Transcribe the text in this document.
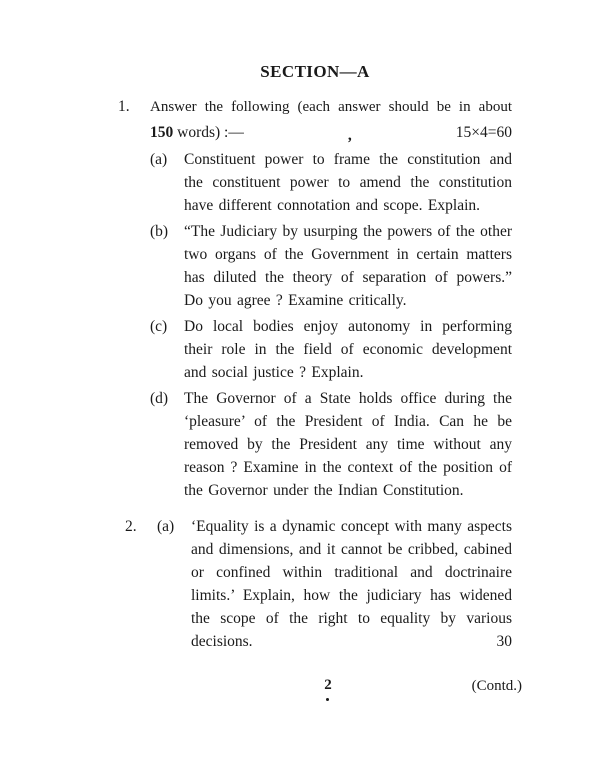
SECTION—A
1.	Answer the following (each answer should be in about
150 words) :—	,	15×4=60
(a)	Constituent power to frame the constitution and the constituent power to amend the constitution have different connotation and scope. Explain.
(b)	“The Judiciary by usurping the powers of the other two organs of the Government in certain matters has diluted the theory of separation of powers.” Do you agree ? Examine critically.
(c)	Do local bodies enjoy autonomy in performing their role in the field of economic development and social justice ? Explain.
(d)	The Governor of a State holds office during the ‘pleasure’ of the President of India. Can he be removed by the President any time without any reason ? Examine in the context of the position of the Governor under the Indian Constitution.
2.	(a)	‘Equality is a dynamic concept with many aspects and dimensions, and it cannot be cribbed, cabined or confined within traditional and doctrinaire limits.’ Explain, how the judiciary has widened the scope of the right to equality by various decisions.	30
2	(Contd.)
